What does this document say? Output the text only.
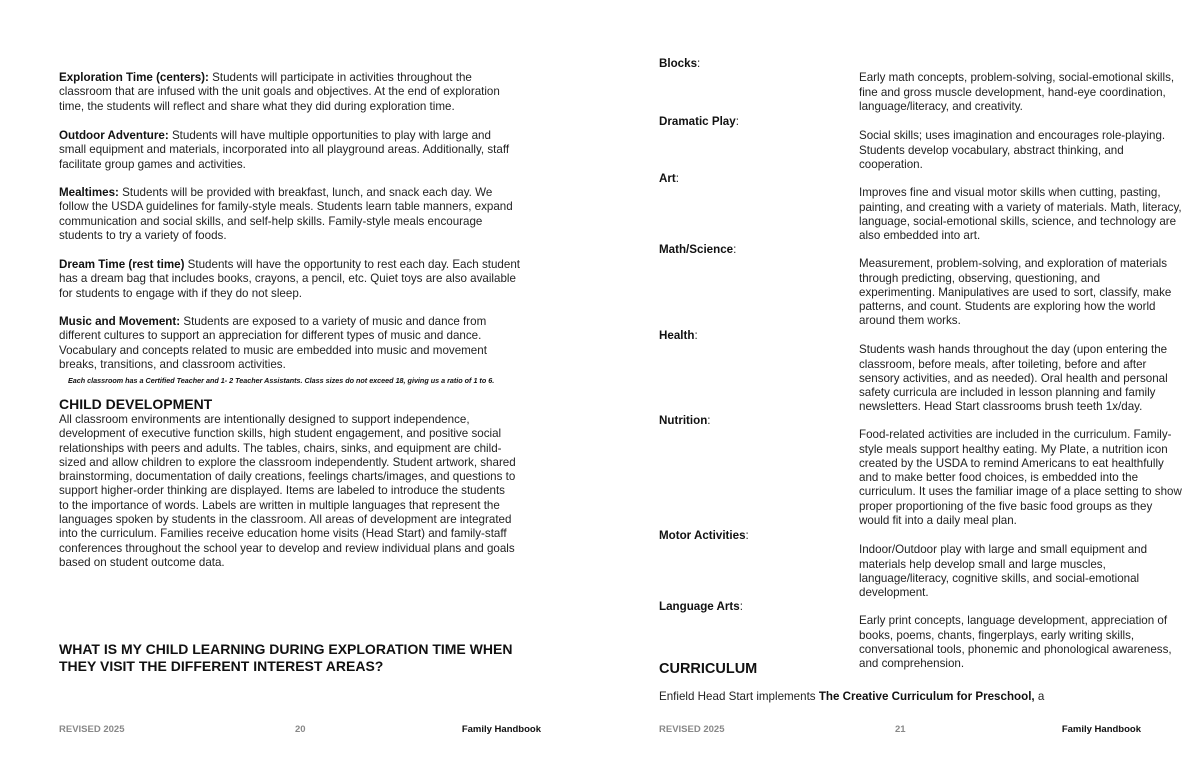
Exploration Time (centers): Students will participate in activities throughout the
classroom that are infused with the unit goals and objectives. At the end of exploration
time, the students will reflect and share what they did during exploration time.
Outdoor Adventure: Students will have multiple opportunities to play with large and
small equipment and materials, incorporated into all playground areas. Additionally, staff
facilitate group games and activities.
Mealtimes: Students will be provided with breakfast, lunch, and snack each day. We
follow the USDA guidelines for family-style meals. Students learn table manners, expand
communication and social skills, and self-help skills. Family-style meals encourage
students to try a variety of foods.
Dream Time (rest time) Students will have the opportunity to rest each day. Each student
has a dream bag that includes books, crayons, a pencil, etc. Quiet toys are also available
for students to engage with if they do not sleep.
Music and Movement: Students are exposed to a variety of music and dance from
different cultures to support an appreciation for different types of music and dance.
Vocabulary and concepts related to music are embedded into music and movement
breaks, transitions, and classroom activities.
Each classroom has a Certified Teacher and 1- 2 Teacher Assistants. Class sizes do not exceed 18, giving us a ratio of 1 to 6.
CHILD DEVELOPMENT
All classroom environments are intentionally designed to support independence,
development of executive function skills, high student engagement, and positive social
relationships with peers and adults. The tables, chairs, sinks, and equipment are child-
sized and allow children to explore the classroom independently. Student artwork, shared
brainstorming, documentation of daily creations, feelings charts/images, and questions to
support higher-order thinking are displayed. Items are labeled to introduce the students
to the importance of words. Labels are written in multiple languages that represent the
languages spoken by students in the classroom. All areas of development are integrated
into the curriculum. Families receive education home visits (Head Start) and family-staff
conferences throughout the school year to develop and review individual plans and goals
based on student outcome data.
WHAT IS MY CHILD LEARNING DURING EXPLORATION TIME WHEN
THEY VISIT THE DIFFERENT INTEREST AREAS?
REVISED 2025	20	Family Handbook
Blocks:
Early math concepts, problem-solving, social-emotional skills,
fine and gross muscle development, hand-eye coordination,
language/literacy, and creativity.
Dramatic Play:
Social skills; uses imagination and encourages role-playing.
Students develop vocabulary, abstract thinking, and
cooperation.
Art:
Improves fine and visual motor skills when cutting, pasting,
painting, and creating with a variety of materials. Math, literacy,
language, social-emotional skills, science, and technology are
also embedded into art.
Math/Science:
Measurement, problem-solving, and exploration of materials
through predicting, observing, questioning, and
experimenting. Manipulatives are used to sort, classify, make
patterns, and count. Students are exploring how the world
around them works.
Health:
Students wash hands throughout the day (upon entering the
classroom, before meals, after toileting, before and after
sensory activities, and as needed). Oral health and personal
safety curricula are included in lesson planning and family
newsletters. Head Start classrooms brush teeth 1x/day.
Nutrition:
Food-related activities are included in the curriculum. Family-
style meals support healthy eating. My Plate, a nutrition icon
created by the USDA to remind Americans to eat healthfully
and to make better food choices, is embedded into the
curriculum. It uses the familiar image of a place setting to show
proper proportioning of the five basic food groups as they
would fit into a daily meal plan.
Motor Activities:
Indoor/Outdoor play with large and small equipment and
materials help develop small and large muscles,
language/literacy, cognitive skills, and social-emotional
development.
Language Arts:
Early print concepts, language development, appreciation of
books, poems, chants, fingerplays, early writing skills,
conversational tools, phonemic and phonological awareness,
and comprehension.
CURRICULUM
Enfield Head Start implements The Creative Curriculum for Preschool, a
REVISED 2025	21	Family Handbook
